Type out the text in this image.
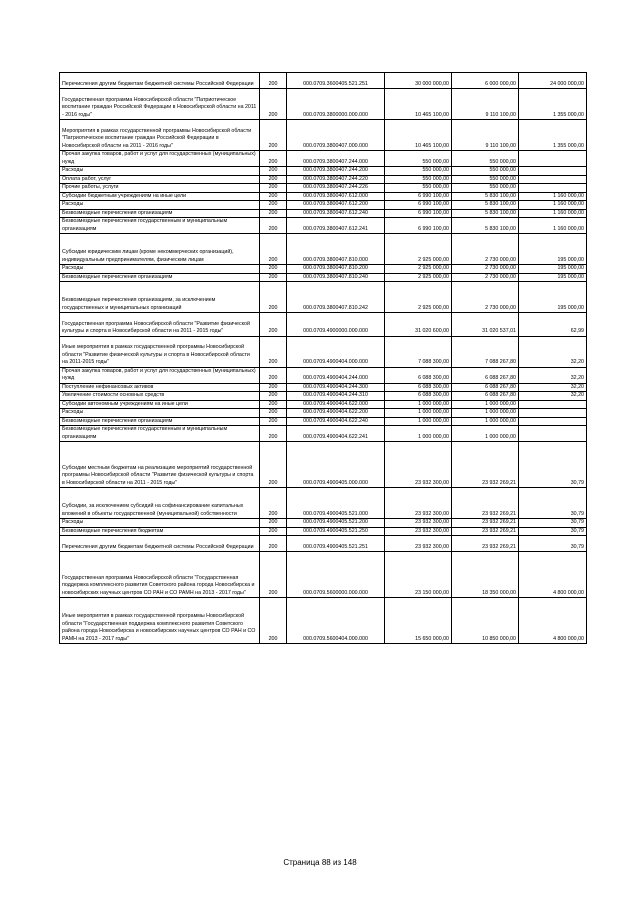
Перечисления другим бюджетам бюджетной системы Российской Федерации	200	000.0709.3600405.521.251	30 000 000,00	6 000 000,00	24 000 000,00
Государственная программа Новосибирской области "Патриотическое воспитание граждан Российской Федерации в Новосибирской области на 2011 - 2016 годы"	200	000.0709.3800000.000.000	10 465 100,00	9 110 100,00	1 355 000,00
Мероприятия в рамках государственной программы Новосибирской области "Патриотическое воспитание граждан Российской Федерации в Новосибирской области на 2011 - 2016 годы"	200	000.0709.3800407.000.000	10 465 100,00	9 110 100,00	1 355 000,00
Прочая закупка товаров, работ и услуг для государственных (муниципальных) нужд	200	000.0709.3800407.244.000	550 000,00	550 000,00	
Расходы	200	000.0709.3800407.244.200	550 000,00	550 000,00	
Оплата работ, услуг	200	000.0709.3800407.244.220	550 000,00	550 000,00	
Прочие работы, услуги	200	000.0709.3800407.244.226	550 000,00	550 000,00	
Субсидии бюджетным учреждениям на иные цели	200	000.0709.3800407.612.000	6 990 100,00	5 830 100,00	1 160 000,00
Расходы	200	000.0709.3800407.612.200	6 990 100,00	5 830 100,00	1 160 000,00
Безвозмездные перечисления организациям	200	000.0709.3800407.612.240	6 990 100,00	5 830 100,00	1 160 000,00
Безвозмездные перечисления государственным и муниципальным организациям	200	000.0709.3800407.612.241	6 990 100,00	5 830 100,00	1 160 000,00
Субсидии юридическим лицам (кроме некоммерческих организаций), индивидуальным предпринимателям, физическим лицам	200	000.0709.3800407.810.000	2 925 000,00	2 730 000,00	195 000,00
Расходы	200	000.0709.3800407.810.200	2 925 000,00	2 730 000,00	195 000,00
Безвозмездные перечисления организациям	200	000.0709.3800407.810.240	2 925 000,00	2 730 000,00	195 000,00
Безвозмездные перечисления организациям, за исключением государственных и муниципальных организаций	200	000.0709.3800407.810.242	2 925 000,00	2 730 000,00	195 000,00
Государственная программа Новосибирской области "Развитие физической культуры и спорта в Новосибирской области на 2011 - 2015 годы"	200	000.0709.4900000.000.000	31 020 600,00	31 020 537,01	62,99
Иные мероприятия в рамках государственной программы Новосибирской области "Развитие физической культуры и спорта в Новосибирской области на 2011-2015 годы"	200	000.0709.4900404.000.000	7 088 300,00	7 088 267,80	32,20
Прочая закупка товаров, работ и услуг для государственных (муниципальных) нужд	200	000.0709.4900404.244.000	6 088 300,00	6 088 267,80	32,20
Поступление нефинансовых активов	200	000.0709.4900404.244.300	6 088 300,00	6 088 267,80	32,20
Увеличение стоимости основных средств	200	000.0709.4900404.244.310	6 088 300,00	6 088 267,80	32,20
Субсидии автономным учреждениям на иные цели	200	000.0709.4900404.622.000	1 000 000,00	1 000 000,00	
Расходы	200	000.0709.4900404.622.200	1 000 000,00	1 000 000,00	
Безвозмездные перечисления организациям	200	000.0709.4900404.622.240	1 000 000,00	1 000 000,00	
Безвозмездные перечисления государственным и муниципальным организациям	200	000.0709.4900404.622.241	1 000 000,00	1 000 000,00	
Субсидии местным бюджетам на реализацию мероприятий государственной программы Новосибирской области "Развитие физической культуры и спорта в Новосибирской области на 2011 - 2015 годы"	200	000.0709.4900405.000.000	23 932 300,00	23 932 269,21	30,79
Субсидии, за исключением субсидий на софинансирование капитальных вложений в объекты государственной (муниципальной) собственности	200	000.0709.4900405.521.000	23 932 300,00	23 932 269,21	30,79
Расходы	200	000.0709.4900405.521.200	23 932 300,00	23 932 269,21	30,79
Безвозмездные перечисления бюджетам	200	000.0709.4900405.521.250	23 932 300,00	23 932 269,21	30,79
Перечисления другим бюджетам бюджетной системы Российской Федерации	200	000.0709.4900405.521.251	23 932 300,00	23 932 269,21	30,79
Государственная программа Новосибирской области "Государственная поддержка комплексного развития Советского района города Новосибирска и новосибирских научных центров СО РАН и СО РАМН на 2013 - 2017 годы"	200	000.0709.5600000.000.000	23 150 000,00	18 350 000,00	4 800 000,00
Иные мероприятия в рамках государственной программы Новосибирской области "Государственная поддержка комплексного развития Советского района города Новосибирска и новосибирских научных центров СО РАН и СО РАМН на 2013 - 2017 годы"	200	000.0709.5600404.000.000	15 650 000,00	10 850 000,00	4 800 000,00
Страница 88 из 148
